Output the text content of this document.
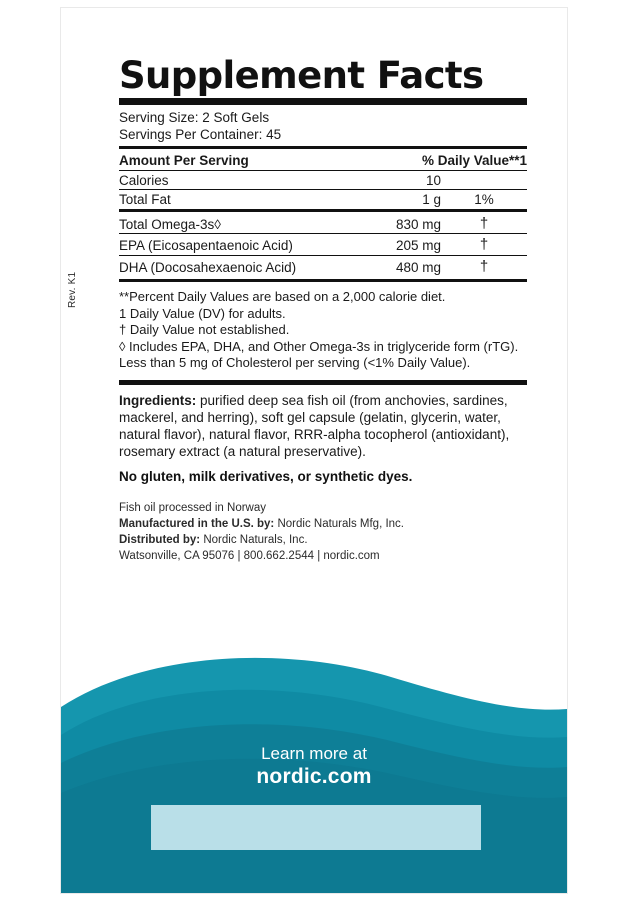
Rev. K1
Supplement Facts
Serving Size: 2 Soft Gels
Servings Per Container: 45
Amount Per Serving	% Daily Value**1	
Calories	10	
Total Fat	1 g	1%
Total Omega-3s◊	830 mg	†
EPA (Eicosapentaenoic Acid)	205 mg	†
DHA (Docosahexaenoic Acid)	480 mg	†
**Percent Daily Values are based on a 2,000 calorie diet.
1 Daily Value (DV) for adults.
† Daily Value not established.
◊ Includes EPA, DHA, and Other Omega-3s in triglyceride form (rTG).
Less than 5 mg of Cholesterol per serving (<1% Daily Value).
Ingredients: purified deep sea fish oil (from anchovies, sardines, mackerel, and herring), soft gel capsule (gelatin, glycerin, water, natural flavor), natural flavor, RRR-alpha tocopherol (antioxidant), rosemary extract (a natural preservative).
No gluten, milk derivatives, or synthetic dyes.
Fish oil processed in Norway
Manufactured in the U.S. by: Nordic Naturals Mfg, Inc.
Distributed by: Nordic Naturals, Inc.
Watsonville, CA 95076 | 800.662.2544 | nordic.com
Learn more at
nordic.com
